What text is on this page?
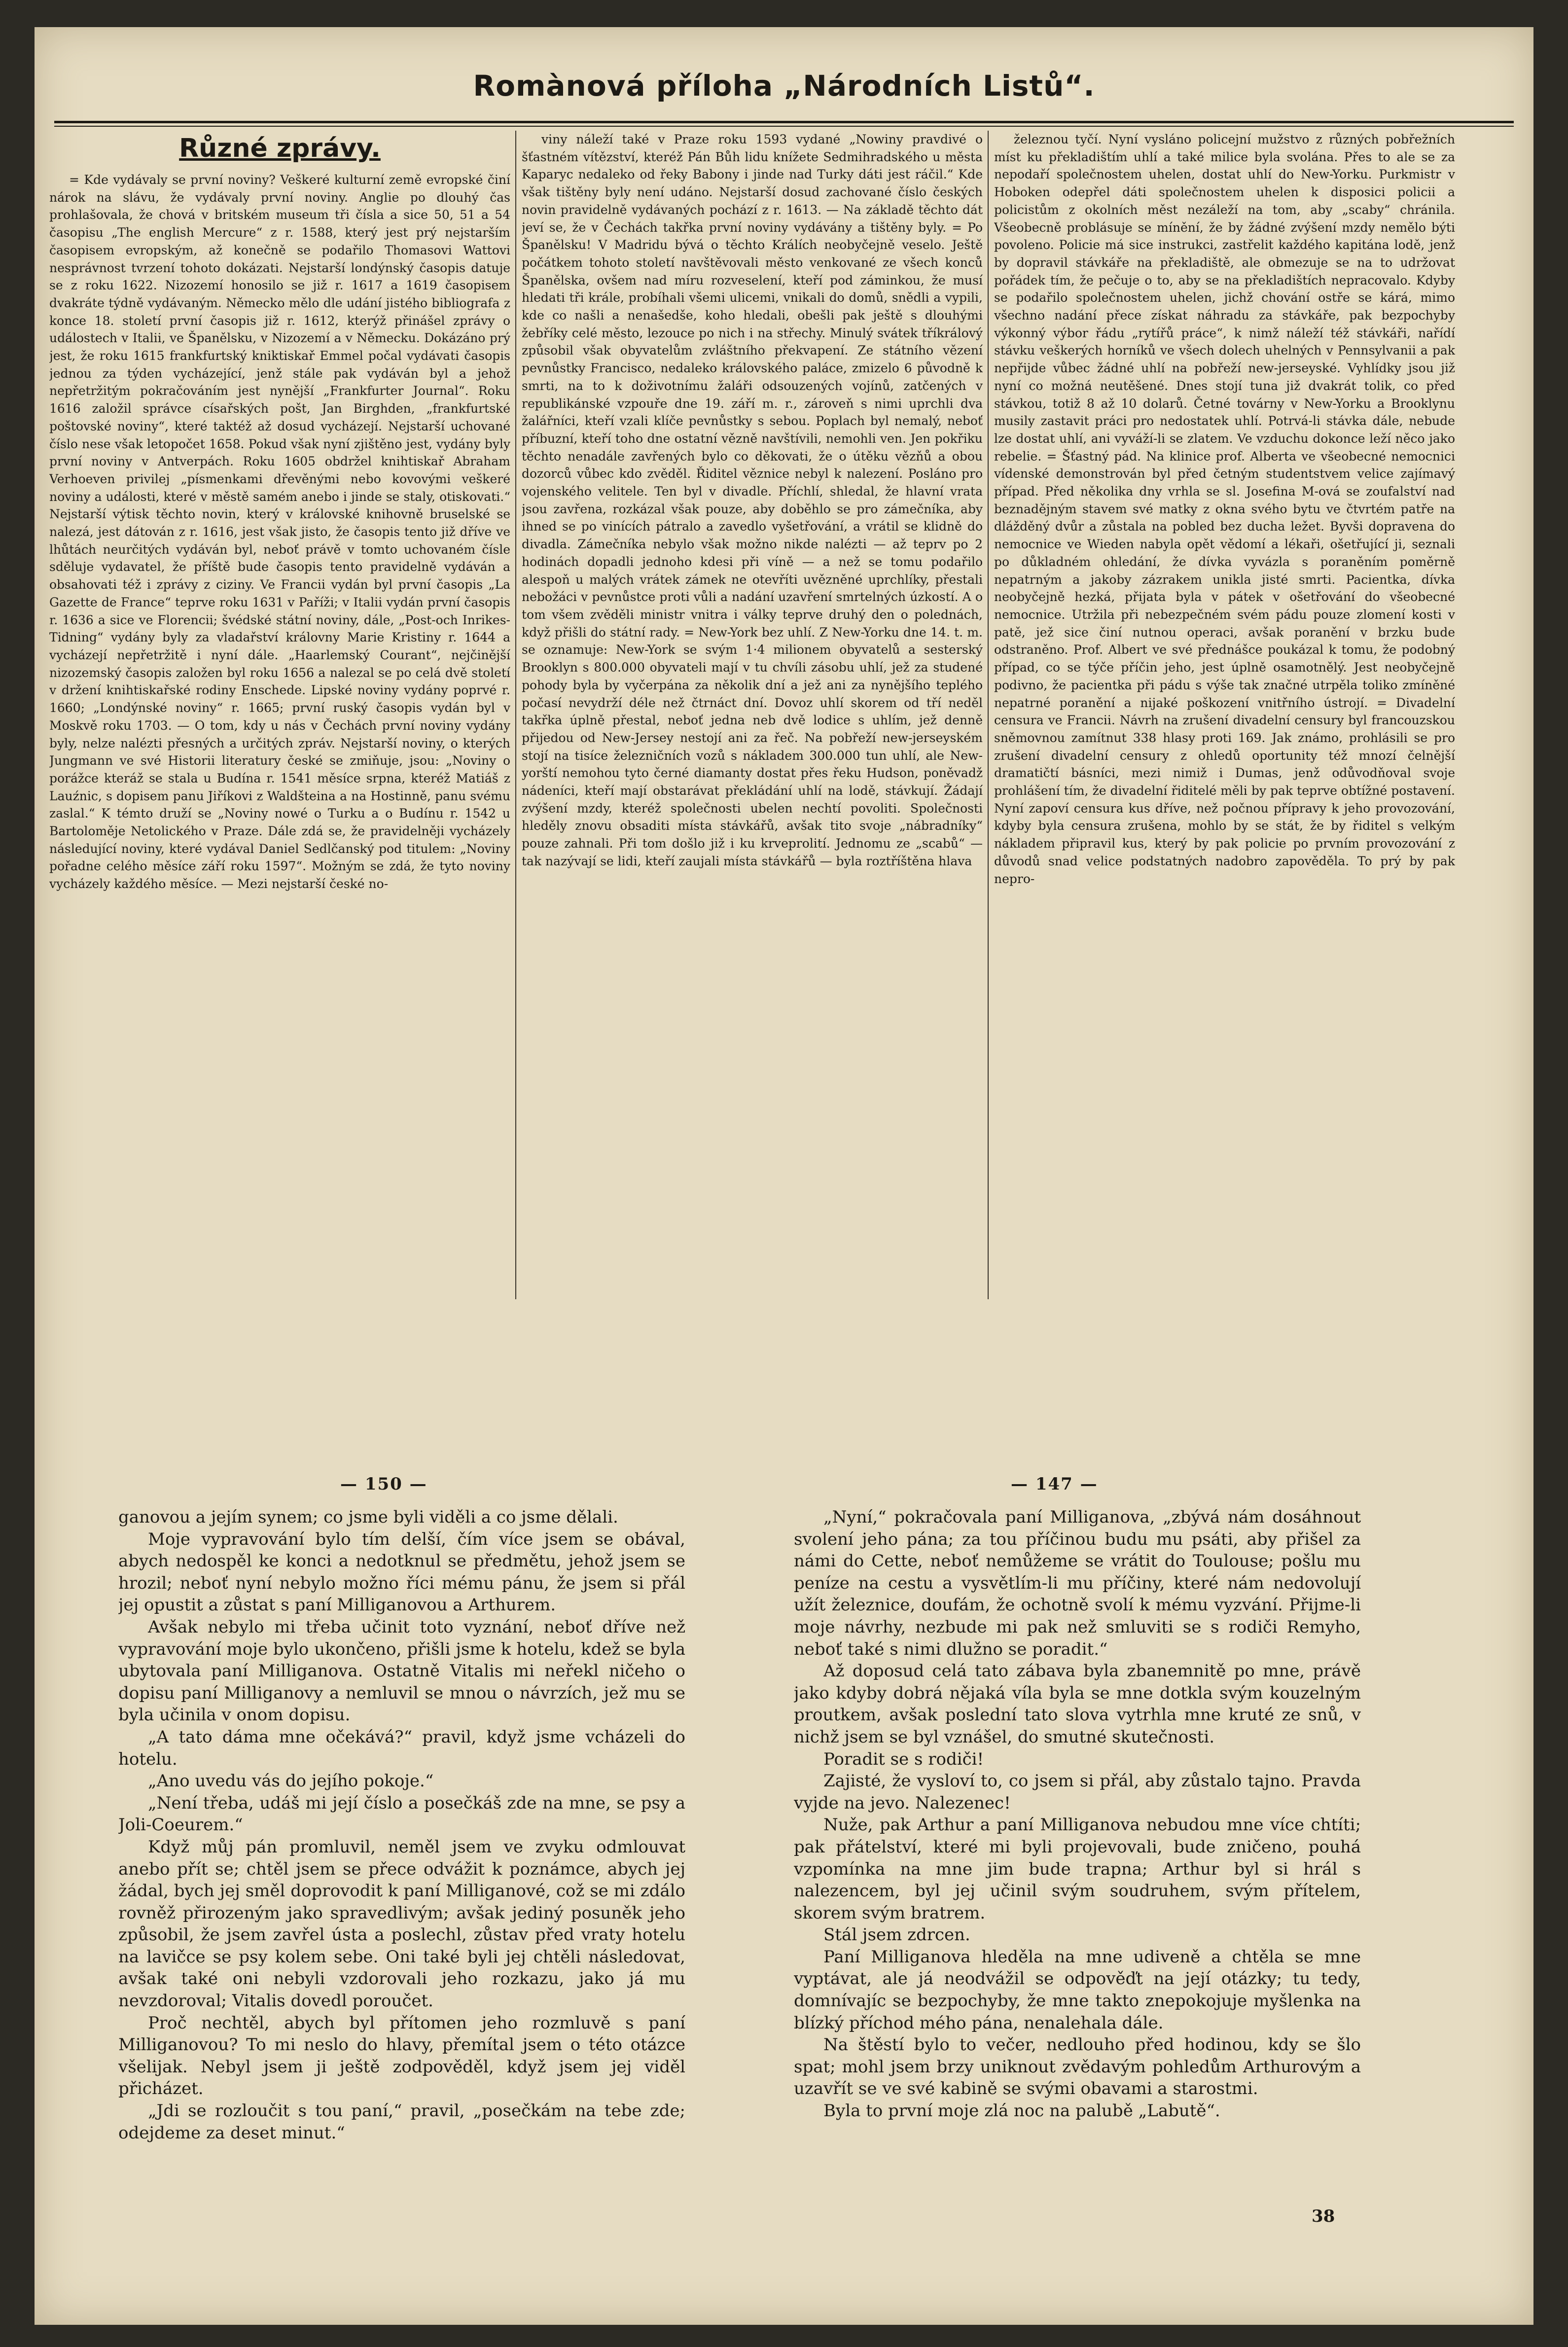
Romànová příloha „Národních Listů“.
Různé zprávy.

= Kde vydávaly se první noviny? Veškeré kulturní země evropské činí nárok na slávu, že vydávaly první noviny. Anglie po dlouhý čas prohlašovala, že chová v britském museum tři čísla a sice 50, 51 a 54 časopisu „The english Mercure“ z r. 1588, který jest prý nejstarším časopisem evropským, až konečně se podařilo Thomasovi Wattovi nesprávnost tvrzení tohoto dokázati. Nejstarší londýnský časopis datuje se z roku 1622. Nizozemí honosilo se již r. 1617 a 1619 časopisem dvakráte týdně vydávaným. Německo mělo dle udání jistého bibliografa z konce 18. století první časopis již r. 1612, kterýž přinášel zprávy o událostech v Italii, ve Španělsku, v Nizozemí a v Německu. Dokázáno prý jest, že roku 1615 frankfurtský kniktiskař Emmel počal vydávati časopis jednou za týden vycházející, jenž stále pak vydáván byl a jehož nepřetržitým pokračováním jest nynější „Frankfurter Journal“. Roku 1616 založil správce císařských pošt, Jan Birghden, „frankfurtské poštovské noviny“, které taktéž až dosud vycházejí. Nejstarší uchované číslo nese však letopočet 1658. Pokud však nyní zjištěno jest, vydány byly první noviny v Antverpách. Roku 1605 obdržel knihtiskař Abraham Verhoeven privilej „písmenkami dřevěnými nebo kovovými veškeré noviny a události, které v městě samém anebo i jinde se staly, otiskovati.“ Nejstarší výtisk těchto novin, který v královské knihovně bruselské se nalezá, jest dátován z r. 1616, jest však jisto, že časopis tento již dříve ve lhůtách neurčitých vydáván byl, neboť právě v tomto uchovaném čísle sděluje vydavatel, že příště bude časopis tento pravidelně vydáván a obsahovati též i zprávy z ciziny. Ve Francii vydán byl první časopis „La Gazette de France“ teprve roku 1631 v Paříži; v Italii vydán první časopis r. 1636 a sice ve Florencii; švédské státní noviny, dále, „Post-och Inrikes-Tidning“ vydány byly za vladařství královny Marie Kristiny r. 1644 a vycházejí nepřetržitě i nyní dále. „Haarlemský Courant“, nejčinější nizozemský časopis založen byl roku 1656 a nalezal se po celá dvě století v držení knihtiskařské rodiny Enschede. Lipské noviny vydány poprvé r. 1660; „Londýnské noviny“ r. 1665; první ruský časopis vydán byl v Moskvě roku 1703. — O tom, kdy u nás v Čechách první noviny vydány byly, nelze nalézti přesných a určitých zpráv. Nejstarší noviny, o kterých Jungmann ve své Historii literatury české se zmiňuje, jsou: „Noviny o porážce kteráž se stala u Budína r. 1541 měsíce srpna, kteréž Matiáš z Lauźnic, s dopisem panu Jiříkovi z Waldšteina a na Hostinně, panu svému zaslal.“ K témto druží se „Noviny nowé o Turku a o Budínu r. 1542 u Bartoloměje Netolického v Praze. Dále zdá se, že pravidelněji vycházely následující noviny, které vydával Daniel Sedlčanský pod titulem: „Noviny pořadne celého měsíce září roku 1597“. Možným se zdá, že tyto noviny vycházely každého měsíce. — Mezi nejstarší české no-

viny náleží také v Praze roku 1593 vydané „Nowiny pravdivé o šťastném vítězství, kteréž Pán Bůh lidu knížete Sedmihradského u města Kaparyc nedaleko od řeky Babony i jinde nad Turky dáti jest ráčil.“ Kde však tištěny byly není udáno. Nejstarší dosud zachované číslo českých novin pravidelně vydávaných pochází z r. 1613. — Na základě těchto dát jeví se, že v Čechách takřka první noviny vydávány a tištěny byly. = Po Španělsku! V Madridu bývá o těchto Králích neobyčejně veselo. Ještě počátkem tohoto století navštěvovali město venkované ze všech konců Španělska, ovšem nad míru rozveselení, kteří pod záminkou, že musí hledati tři krále, probíhali všemi ulicemi, vnikali do domů, snědli a vypili, kde co našli a nenašedše, koho hledali, obešli pak ještě s dlouhými žebříky celé město, lezouce po nich i na střechy. Minulý svátek tříkrálový způsobil však obyvatelům zvláštního překvapení. Ze státního vězení pevnůstky Francisco, nedaleko královského paláce, zmizelo 6 původně k smrti, na to k doživotnímu žaláři odsouzených vojínů, zatčených v republikánské vzpouře dne 19. září m. r., zároveň s nimi uprchli dva žalářníci, kteří vzali klíče pevnůstky s sebou. Poplach byl nemalý, neboť příbuzní, kteří toho dne ostatní vězně navštívili, nemohli ven. Jen pokřiku těchto nenadále zavřených bylo co děkovati, že o útěku vězňů a obou dozorců vůbec kdo zvěděl. Řiditel věznice nebyl k nalezení. Posláno pro vojenského velitele. Ten byl v divadle. Příchlí, shledal, že hlavní vrata jsou zavřena, rozkázal však pouze, aby doběhlo se pro zámečníka, aby ihned se po vinících pátralo a zavedlo vyšetřování, a vrátil se klidně do divadla. Zámečníka nebylo však možno nikde nalézti — až teprv po 2 hodinách dopadli jednoho kdesi při víně — a než se tomu podařilo alespoň u malých vrátek zámek ne otevříti uvězněné uprchlíky, přestali nebožáci v pevnůstce proti vůli a nadání uzavření smrtelných úzkostí. A o tom všem zvěděli ministr vnitra i války teprve druhý den o polednách, když přišli do státní rady. = New-York bez uhlí. Z New-Yorku dne 14. t. m. se oznamuje: New-York se svým 1·4 milionem obyvatelů a sesterský Brooklyn s 800.000 obyvateli mají v tu chvíli zásobu uhlí, jež za studené pohody byla by vyčerpána za několik dní a jež ani za nynějšího teplého počasí nevydrží déle než čtrnáct dní. Dovoz uhlí skorem od tří neděl takřka úplně přestal, neboť jedna neb dvě lodice s uhlím, jež denně přijedou od New-Jersey nestojí ani za řeč. Na pobřeží new-jerseyském stojí na tisíce železničních vozů s nákladem 300.000 tun uhlí, ale New-yorští nemohou tyto černé diamanty dostat přes řeku Hudson, poněvadž nádeníci, kteří mají obstarávat překládání uhlí na lodě, stávkují. Žádají zvýšení mzdy, kteréž společnosti ubelen nechtí povoliti. Společnosti hleděly znovu obsaditi místa stávkářů, avšak tito svoje „nábradníky“ pouze zahnali. Při tom došlo již i ku krveprolití. Jednomu ze „scabů“ — tak nazývají se lidi, kteří zaujali místa stávkářů — byla roztříštěna hlava

železnou tyčí. Nyní vysláno policejní mužstvo z různých pobřežních míst ku překladištím uhlí a také milice byla svolána. Přes to ale se za nepodaří společnostem uhelen, dostat uhlí do New-Yorku. Purkmistr v Hoboken odepřel dáti společnostem uhelen k disposici policii a policistům z okolních měst nezáleží na tom, aby „scaby“ chránila. Všeobecně problásuje se mínění, že by žádné zvýšení mzdy nemělo býti povoleno. Policie má sice instrukci, zastřelit každého kapitána lodě, jenž by dopravil stávkáře na překladiště, ale obmezuje se na to udržovat pořádek tím, že pečuje o to, aby se na překladištích nepracovalo. Kdyby se podařilo společnostem uhelen, jichž chování ostře se kárá, mimo všechno nadání přece získat náhradu za stávkáře, pak bezpochyby výkonný výbor řádu „rytířů práce“, k nimž náleží též stávkáři, nařídí stávku veškerých horníků ve všech dolech uhelných v Pennsylvanii a pak nepřijde vůbec žádné uhlí na pobřeží new-jerseyské. Vyhlídky jsou již nyní co možná neutěšené. Dnes stojí tuna již dvakrát tolik, co před stávkou, totiž 8 až 10 dolarů. Četné továrny v New-Yorku a Brooklynu musily zastavit práci pro nedostatek uhlí. Potrvá-li stávka dále, nebude lze dostat uhlí, ani vyváží-li se zlatem. Ve vzduchu dokonce leží něco jako rebelie. = Šťastný pád. Na klinice prof. Alberta ve všeobecné nemocnici vídenské demonstrován byl před četným studentstvem velice zajímavý případ. Před několika dny vrhla se sl. Josefina M-ová se zoufalství nad beznadějným stavem své matky z okna svého bytu ve čtvrtém patře na dlážděný dvůr a zůstala na pobled bez ducha ležet. Byvši dopravena do nemocnice ve Wieden nabyla opět vědomí a lékaři, ošetřující ji, seznali po důkladném ohledání, že dívka vyvázla s poraněním poměrně nepatrným a jakoby zázrakem unikla jisté smrti. Pacientka, dívka neobyčejně hezká, přijata byla v pátek v ošetřování do všeobecné nemocnice. Utržila při nebezpečném svém pádu pouze zlomení kosti v patě, jež sice činí nutnou operaci, avšak poranění v brzku bude odstraněno. Prof. Albert ve své přednášce poukázal k tomu, že podobný případ, co se týče příčin jeho, jest úplně osamotnělý. Jest neobyčejně podivno, že pacientka při pádu s výše tak značné utrpěla toliko zmíněné nepatrné poranění a nijaké poškození vnitřního ústrojí. = Divadelní censura ve Francii. Návrh na zrušení divadelní censury byl francouzskou sněmovnou zamítnut 338 hlasy proti 169. Jak známo, prohlásili se pro zrušení divadelní censury z ohledů oportunity též mnozí čelnější dramatičtí básníci, mezi nimiž i Dumas, jenž odůvodňoval svoje prohlášení tím, že divadelní řiditelé měli by pak teprve obtížné postavení. Nyní zapoví censura kus dříve, než počnou přípravy k jeho provozování, kdyby byla censura zrušena, mohlo by se stát, že by řiditel s velkým nákladem připravil kus, který by pak policie po prvním provozování z důvodů snad velice podstatných nadobro zapověděla. To prý by pak nepro-

— 150 —	— 147 —

ganovou a jejím synem; co jsme byli viděli a co jsme dělali.

Moje vypravování bylo tím delší, čím více jsem se obával, abych nedospěl ke konci a nedotknul se předmětu, jehož jsem se hrozil; neboť nyní nebylo možno říci mému pánu, že jsem si přál jej opustit a zůstat s paní Milliganovou a Arthurem.

Avšak nebylo mi třeba učinit toto vyznání, neboť dříve než vypravování moje bylo ukončeno, přišli jsme k hotelu, kdež se byla ubytovala paní Milliganova. Ostatně Vitalis mi neřekl ničeho o dopisu paní Milliganovy a nemluvil se mnou o návrzích, jež mu se byla učinila v onom dopisu.

„A tato dáma mne očekává?“ pravil, když jsme vcházeli do hotelu.

„Ano uvedu vás do jejího pokoje.“

„Není třeba, udáš mi její číslo a posečkáš zde na mne, se psy a Joli-Coeurem.“

Když můj pán promluvil, neměl jsem ve zvyku odmlouvat anebo přít se; chtěl jsem se přece odvážit k poznámce, abych jej žádal, bych jej směl doprovodit k paní Milliganové, což se mi zdálo rovněž přirozeným jako spravedlivým; avšak jediný posuněk jeho způsobil, že jsem zavřel ústa a poslechl, zůstav před vraty hotelu na lavičce se psy kolem sebe. Oni také byli jej chtěli následovat, avšak také oni nebyli vzdorovali jeho rozkazu, jako já mu nevzdoroval; Vitalis dovedl poroučet.

Proč nechtěl, abych byl přítomen jeho rozmluvě s paní Milliganovou? To mi neslo do hlavy, přemítal jsem o této otázce všelijak. Nebyl jsem ji ještě zodpověděl, když jsem jej viděl přicházet.

„Jdi se rozloučit s tou paní,“ pravil, „posečkám na tebe zde; odejdeme za deset minut.“

„Nyní,“ pokračovala paní Milliganova, „zbývá nám dosáhnout svolení jeho pána; za tou příčinou budu mu psáti, aby přišel za námi do Cette, neboť nemůžeme se vrátit do Toulouse; pošlu mu peníze na cestu a vysvětlím-li mu příčiny, které nám nedovolují užít železnice, doufám, že ochotně svolí k mému vyzvání. Přijme-li moje návrhy, nezbude mi pak než smluviti se s rodiči Remyho, neboť také s nimi dlužno se poradit.“

Až doposud celá tato zábava byla zbanemnitě po mne, právě jako kdyby dobrá nějaká víla byla se mne dotkla svým kouzelným proutkem, avšak poslední tato slova vytrhla mne kruté ze snů, v nichž jsem se byl vznášel, do smutné skutečnosti.

Poradit se s rodiči!

Zajisté, že vysloví to, co jsem si přál, aby zůstalo tajno. Pravda vyjde na jevo. Nalezenec!

Nuže, pak Arthur a paní Milliganova nebudou mne více chtíti; pak přátelství, které mi byli projevovali, bude zničeno, pouhá vzpomínka na mne jim bude trapna; Arthur byl si hrál s nalezencem, byl jej učinil svým soudruhem, svým přítelem, skorem svým bratrem.

Stál jsem zdrcen.

Paní Milliganova hleděla na mne udiveně a chtěla se mne vyptávat, ale já neodvážil se odpověďt na její otázky; tu tedy, domnívajíc se bezpochyby, že mne takto znepokojuje myšlenka na blízký příchod mého pána, nenalehala dále.

Na štěstí bylo to večer, nedlouho před hodinou, kdy se šlo spat; mohl jsem brzy uniknout zvědavým pohledům Arthurovým a uzavřít se ve své kabině se svými obavami a starostmi.

Byla to první moje zlá noc na palubě „Labutě“.

38
